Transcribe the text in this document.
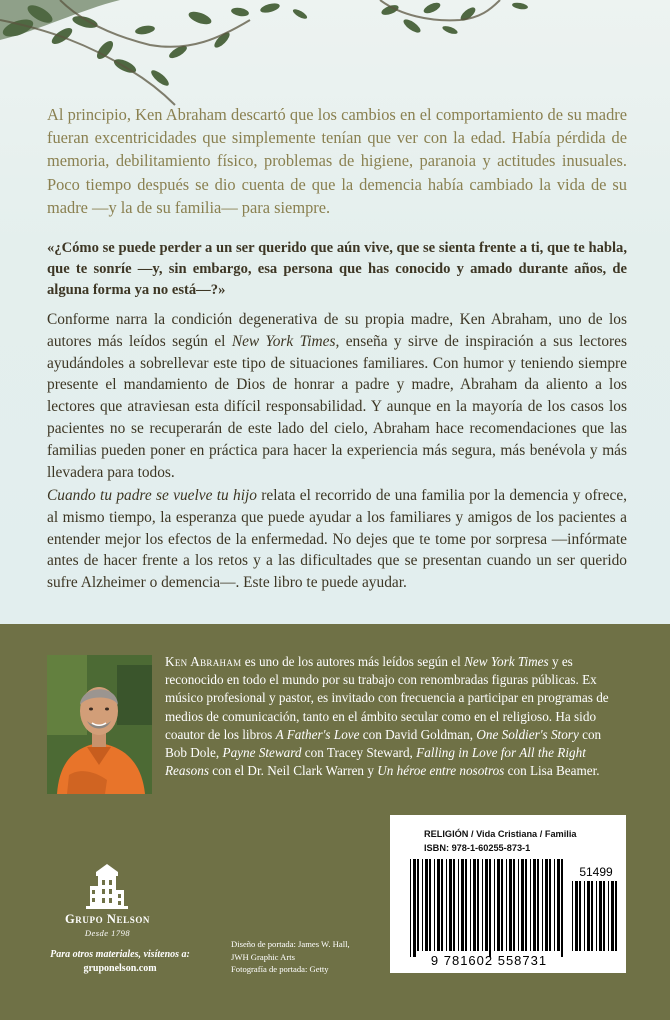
Al principio, Ken Abraham descartó que los cambios en el comportamiento de su madre fueran excentricidades que simplemente tenían que ver con la edad. Había pérdida de memoria, debilitamiento físico, problemas de higiene, paranoia y actitudes inusuales. Poco tiempo después se dio cuenta de que la demencia había cambiado la vida de su madre —y la de su familia— para siempre.

«¿Cómo se puede perder a un ser querido que aún vive, que se sienta frente a ti, que te habla, que te sonríe —y, sin embargo, esa persona que has conocido y amado durante años, de alguna forma ya no está—?»

Conforme narra la condición degenerativa de su propia madre, Ken Abraham, uno de los autores más leídos según el New York Times, enseña y sirve de inspiración a sus lectores ayudándoles a sobrellevar este tipo de situaciones familiares. Con humor y teniendo siempre presente el mandamiento de Dios de honrar a padre y madre, Abraham da aliento a los lectores que atraviesan esta difícil responsabilidad. Y aunque en la mayoría de los casos los pacientes no se recuperarán de este lado del cielo, Abraham hace recomendaciones que las familias pueden poner en práctica para hacer la experiencia más segura, más benévola y más llevadera para todos.

Cuando tu padre se vuelve tu hijo relata el recorrido de una familia por la demencia y ofrece, al mismo tiempo, la esperanza que puede ayudar a los familiares y amigos de los pacientes a entender mejor los efectos de la enfermedad. No dejes que te tome por sorpresa —infórmate antes de hacer frente a los retos y a las dificultades que se presentan cuando un ser querido sufre Alzheimer o demencia—. Este libro te puede ayudar.

Ken Abraham es uno de los autores más leídos según el New York Times y es reconocido en todo el mundo por su trabajo con renombradas figuras públicas. Ex músico profesional y pastor, es invitado con frecuencia a participar en programas de medios de comunicación, tanto en el ámbito secular como en el religioso. Ha sido coautor de los libros A Father's Love con David Goldman, One Soldier's Story con Bob Dole, Payne Steward con Tracey Steward, Falling in Love for All the Right Reasons con el Dr. Neil Clark Warren y Un héroe entre nosotros con Lisa Beamer.

RELIGIÓN / Vida Cristiana / Familia

ISBN: 978-1-60255-873-1

51499
9 781602 558731

Grupo Nelson

Desde 1798

Para otros materiales, visítenos a:
gruponelson.com

Diseño de portada: James W. Hall,
JWH Graphic Arts
Fotografía de portada: Getty
